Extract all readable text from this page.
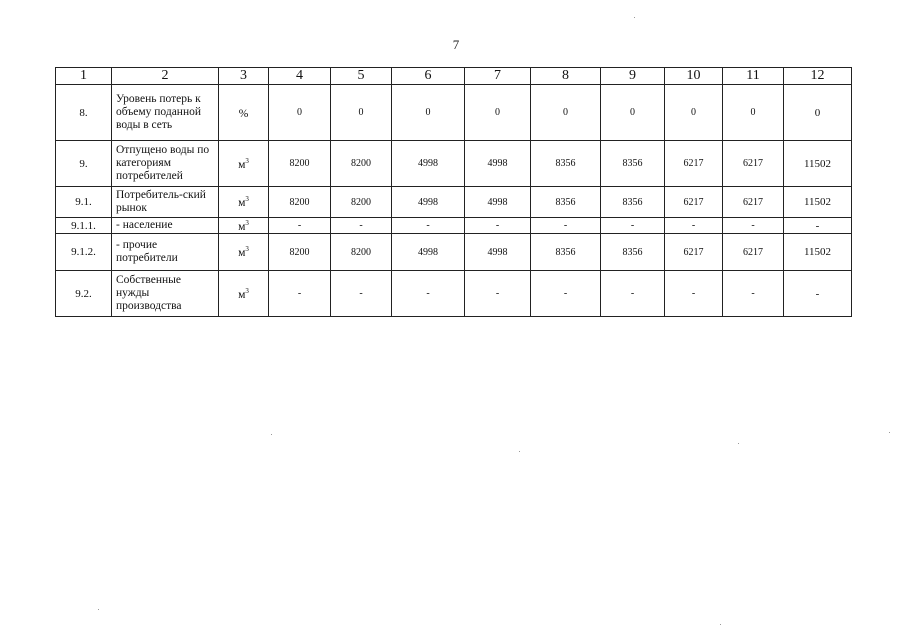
7
1	2	3	4	5	6	7	8	9	10	11	12
8.	Уровень потерь к объему поданной воды в сеть	%	0	0	0	0	0	0	0	0	0
9.	Отпущено воды по категориям потребителей	$м^3$	8200	8200	4998	4998	8356	8356	6217	6217	11502
9.1.	Потребитель-ский рынок	$м^3$	8200	8200	4998	4998	8356	8356	6217	6217	11502
9.1.1.	- население	$м^3$	-	-	-	-	-	-	-	-	-
9.1.2.	- прочие потребители	$м^3$	8200	8200	4998	4998	8356	8356	6217	6217	11502
9.2.	Собственные нужды производства	$м^3$	-	-	-	-	-	-	-	-	-
